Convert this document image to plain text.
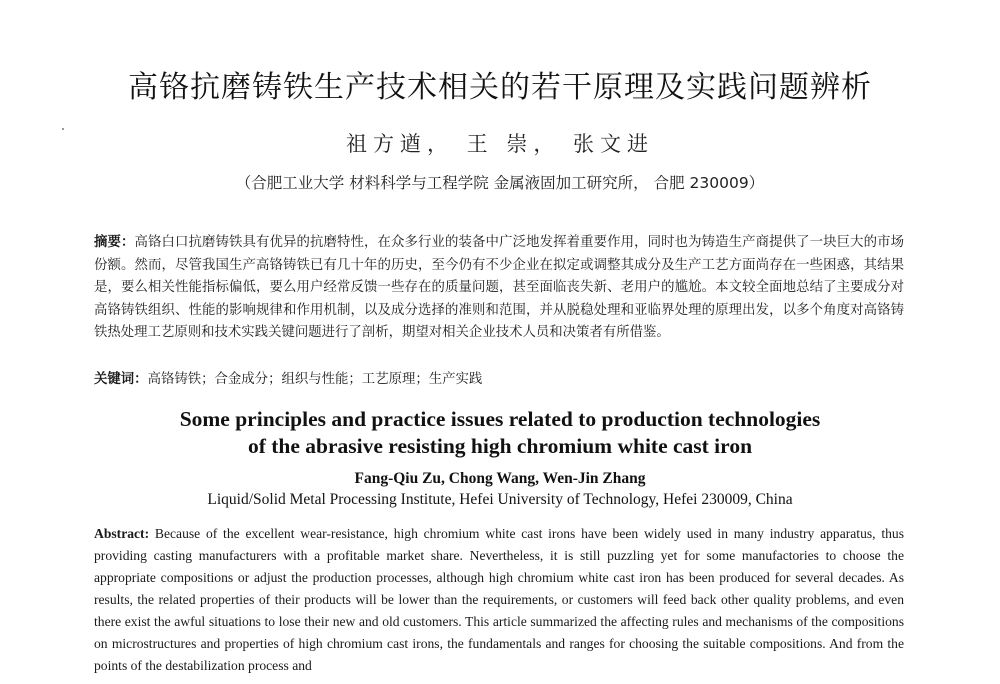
高铬抗磨铸铁生产技术相关的若干原理及实践问题辨析
祖方遒， 王 崇， 张文进
（合肥工业大学 材料科学与工程学院 金属液固加工研究所， 合肥 230009）
摘要：高铬白口抗磨铸铁具有优异的抗磨特性，在众多行业的装备中广泛地发挥着重要作用，同时也为铸造生产商提供了一块巨大的市场份额。然而，尽管我国生产高铬铸铁已有几十年的历史，至今仍有不少企业在拟定或调整其成分及生产工艺方面尚存在一些困惑，其结果是，要么相关性能指标偏低，要么用户经常反馈一些存在的质量问题，甚至面临丧失新、老用户的尴尬。本文较全面地总结了主要成分对高铬铸铁组织、性能的影响规律和作用机制，以及成分选择的准则和范围，并从脱稳处理和亚临界处理的原理出发，以多个角度对高铬铸铁热处理工艺原则和技术实践关键问题进行了剖析，期望对相关企业技术人员和决策者有所借鉴。
关键词：高铬铸铁；合金成分；组织与性能；工艺原理；生产实践
Some principles and practice issues related to production technologies
of the abrasive resisting high chromium white cast iron
Fang-Qiu Zu, Chong Wang, Wen-Jin Zhang
Liquid/Solid Metal Processing Institute, Hefei University of Technology, Hefei 230009, China
Abstract: Because of the excellent wear-resistance, high chromium white cast irons have been widely used in many industry apparatus, thus providing casting manufacturers with a profitable market share. Nevertheless, it is still puzzling yet for some manufactories to choose the appropriate compositions or adjust the production processes, although high chromium white cast iron has been produced for several decades. As results, the related properties of their products will be lower than the requirements, or customers will feed back other quality problems, and even there exist the awful situations to lose their new and old customers. This article summarized the affecting rules and mechanisms of the compositions on microstructures and properties of high chromium cast irons, the fundamentals and ranges for choosing the suitable compositions. And from the points of the destabilization process and
